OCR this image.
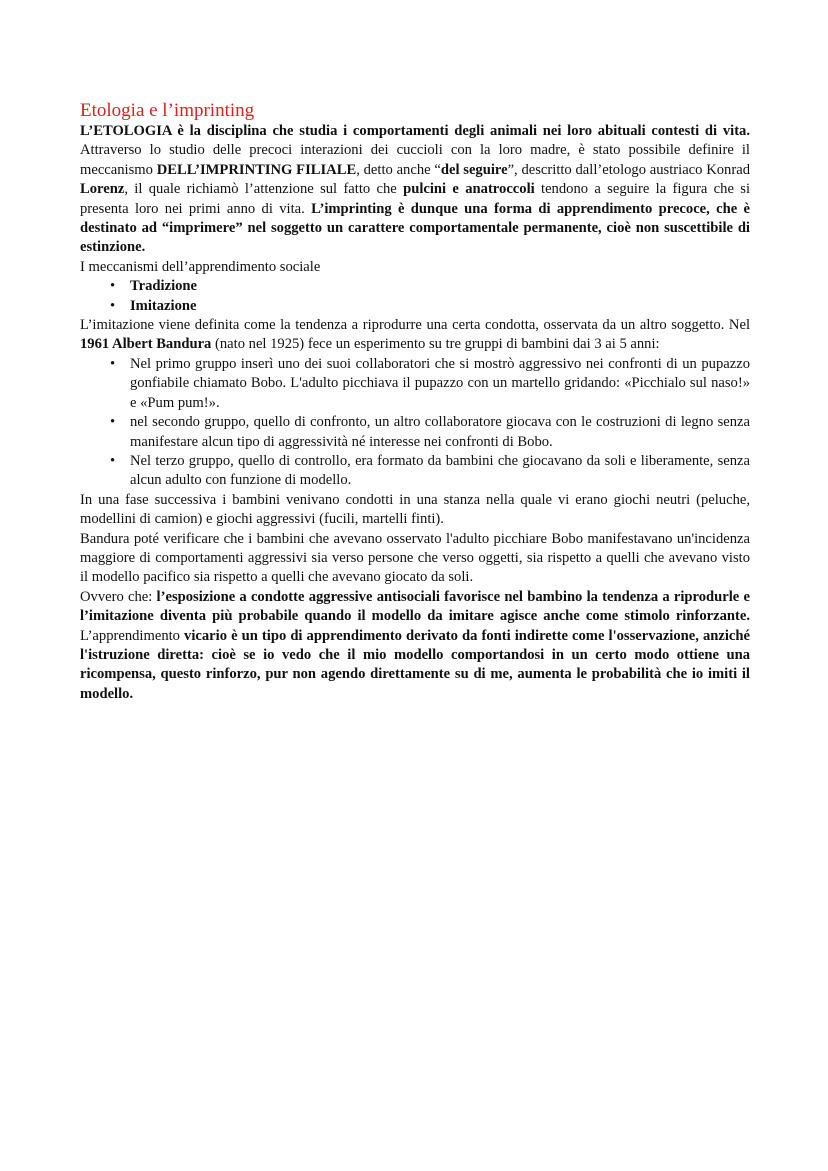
Etologia e l’imprinting

L’ETOLOGIA è la disciplina che studia i comportamenti degli animali nei loro abituali contesti di vita. Attraverso lo studio delle precoci interazioni dei cuccioli con la loro madre, è stato possibile definire il meccanismo DELL’IMPRINTING FILIALE, detto anche “del seguire”, descritto dall’etologo austriaco Konrad Lorenz, il quale richiamò l’attenzione sul fatto che pulcini e anatroccoli tendono a seguire la figura che si presenta loro nei primi anno di vita. L’imprinting è dunque una forma di apprendimento precoce, che è destinato ad “imprimere” nel soggetto un carattere comportamentale permanente, cioè non suscettibile di estinzione.

I meccanismi dell’apprendimento sociale

• Tradizione
• Imitazione

L’imitazione viene definita come la tendenza a riprodurre una certa condotta, osservata da un altro soggetto. Nel 1961 Albert Bandura (nato nel 1925) fece un esperimento su tre gruppi di bambini dai 3 ai 5 anni:

• Nel primo gruppo inserì uno dei suoi collaboratori che si mostrò aggressivo nei confronti di un pupazzo gonfiabile chiamato Bobo. L'adulto picchiava il pupazzo con un martello gridando: «Picchialo sul naso!» e «Pum pum!».
• nel secondo gruppo, quello di confronto, un altro collaboratore giocava con le costruzioni di legno senza manifestare alcun tipo di aggressività né interesse nei confronti di Bobo.
• Nel terzo gruppo, quello di controllo, era formato da bambini che giocavano da soli e liberamente, senza alcun adulto con funzione di modello.

In una fase successiva i bambini venivano condotti in una stanza nella quale vi erano giochi neutri (peluche, modellini di camion) e giochi aggressivi (fucili, martelli finti).

Bandura poté verificare che i bambini che avevano osservato l'adulto picchiare Bobo manifestavano un'incidenza maggiore di comportamenti aggressivi sia verso persone che verso oggetti, sia rispetto a quelli che avevano visto il modello pacifico sia rispetto a quelli che avevano giocato da soli.

Ovvero che: l’esposizione a condotte aggressive antisociali favorisce nel bambino la tendenza a riprodurle e l’imitazione diventa più probabile quando il modello da imitare agisce anche come stimolo rinforzante. L’apprendimento vicario è un tipo di apprendimento derivato da fonti indirette come l'osservazione, anziché l'istruzione diretta: cioè se io vedo che il mio modello comportandosi in un certo modo ottiene una ricompensa, questo rinforzo, pur non agendo direttamente su di me, aumenta le probabilità che io imiti il modello.
